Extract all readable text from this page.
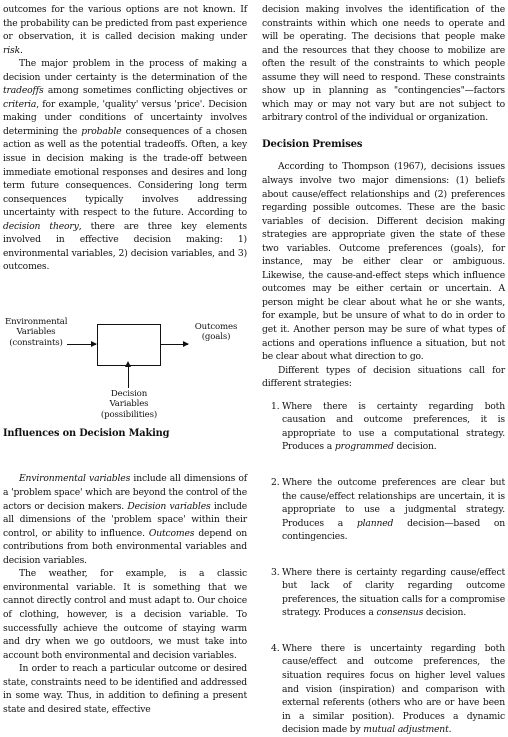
outcomes for the various options are not known. If the probability can be predicted from past experience or observation, it is called decision making under risk.

The major problem in the process of making a decision under certainty is the determination of the tradeoffs among sometimes conflicting objectives or criteria, for example, 'quality' versus 'price'. Decision making under conditions of uncertainty involves determining the probable consequences of a chosen action as well as the potential tradeoffs. Often, a key issue in decision making is the trade-off between immediate emotional responses and desires and long term future consequences. Considering long term consequences typically involves addressing uncertainty with respect to the future. According to decision theory, there are three key elements involved in effective decision making: 1) environmental variables, 2) decision variables, and 3) outcomes.

Environmental Variables (constraints)
Outcomes (goals)
Decision Variables (possibilities)

Influences on Decision Making

Environmental variables include all dimensions of a 'problem space' which are beyond the control of the actors or decision makers. Decision variables include all dimensions of the 'problem space' within their control, or ability to influence. Outcomes depend on contributions from both environmental variables and decision variables.

The weather, for example, is a classic environmental variable. It is something that we cannot directly control and must adapt to. Our choice of clothing, however, is a decision variable. To successfully achieve the outcome of staying warm and dry when we go outdoors, we must take into account both environmental and decision variables.

In order to reach a particular outcome or desired state, constraints need to be identified and addressed in some way. Thus, in addition to defining a present state and desired state, effective

decision making involves the identification of the constraints within which one needs to operate and will be operating. The decisions that people make and the resources that they choose to mobilize are often the result of the constraints to which people assume they will need to respond. These constraints show up in planning as "contingencies"—factors which may or may not vary but are not subject to arbitrary control of the individual or organization.

Decision Premises

According to Thompson (1967), decisions issues always involve two major dimensions: (1) beliefs about cause/effect relationships and (2) preferences regarding possible outcomes. These are the basic variables of decision. Different decision making strategies are appropriate given the state of these two variables. Outcome preferences (goals), for instance, may be either clear or ambiguous. Likewise, the cause-and-effect steps which influence outcomes may be either certain or uncertain. A person might be clear about what he or she wants, for example, but be unsure of what to do in order to get it. Another person may be sure of what types of actions and operations influence a situation, but not be clear about what direction to go.

Different types of decision situations call for different strategies:

1. Where there is certainty regarding both causation and outcome preferences, it is appropriate to use a computational strategy. Produces a programmed decision.
2. Where the outcome preferences are clear but the cause/effect relationships are uncertain, it is appropriate to use a judgmental strategy. Produces a planned decision—based on contingencies.
3. Where there is certainty regarding cause/effect but lack of clarity regarding outcome preferences, the situation calls for a compromise strategy. Produces a consensus decision.
4. Where there is uncertainty regarding both cause/effect and outcome preferences, the situation requires focus on higher level values and vision (inspiration) and comparison with external referents (others who are or have been in a similar position). Produces a dynamic decision made by mutual adjustment.
